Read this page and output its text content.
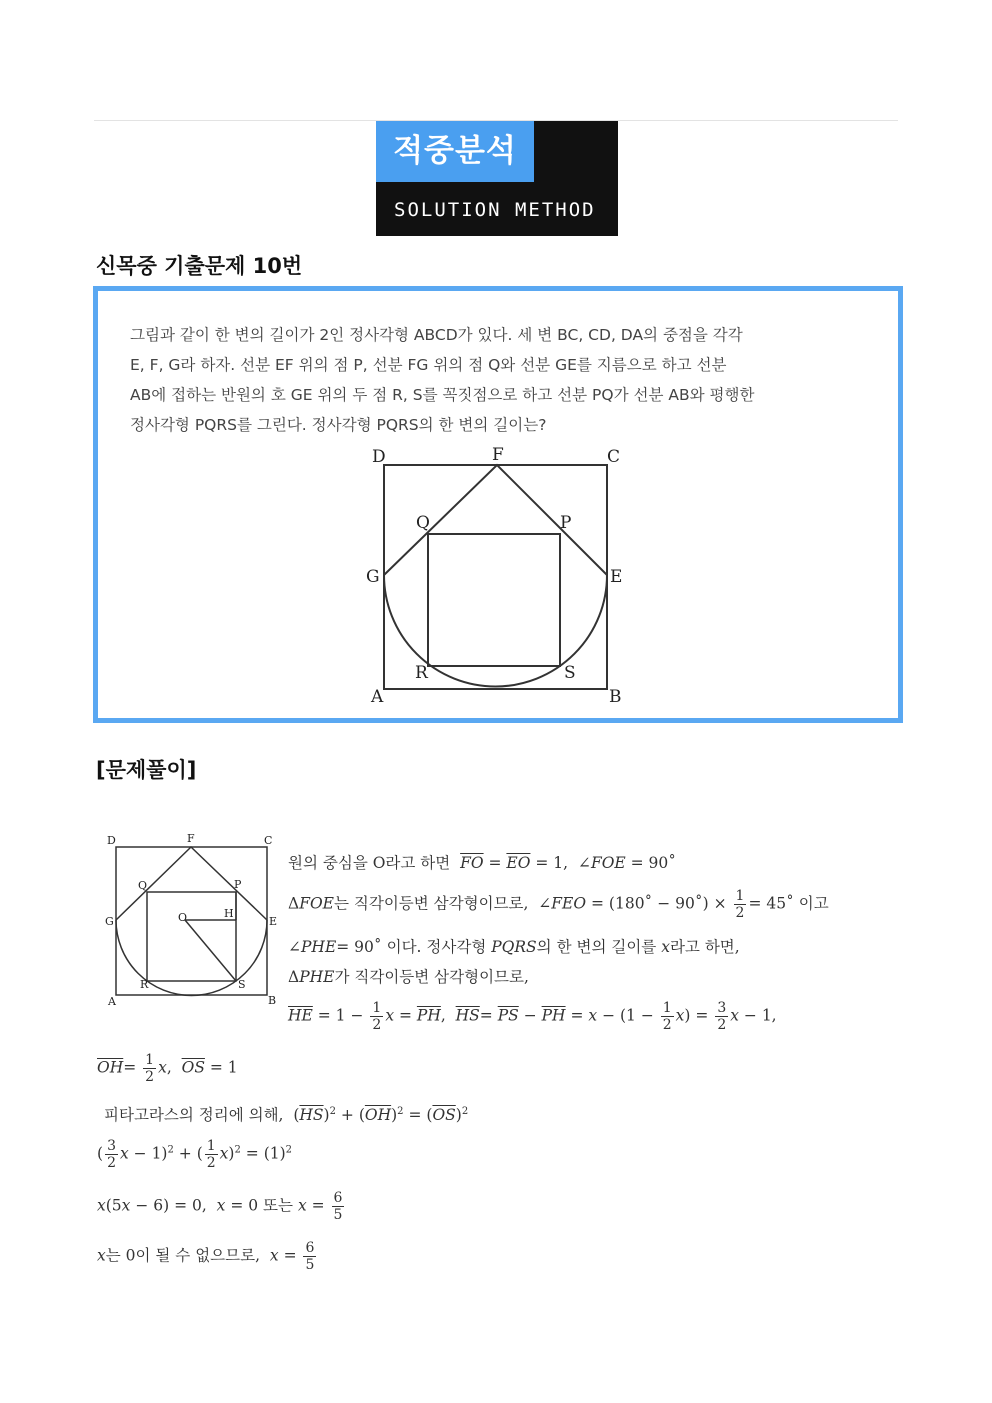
적중분석
SOLUTION METHOD
신목중 기출문제 10번

그림과 같이 한 변의 길이가 2인 정사각형 ABCD가 있다. 세 변 BC, CD, DA의 중점을 각각

E, F, G라 하자. 선분 EF 위의 점 P, 선분 FG 위의 점 Q와 선분 GE를 지름으로 하고 선분

AB에 접하는 반원의 호 GE 위의 두 점 R, S를 꼭짓점으로 하고 선분 PQ가 선분 AB와 평행한

정사각형 PQRS를 그린다. 정사각형 PQRS의 한 변의 길이는?

D	F	C
Q	P
G	E
R	S
A	B
[문제풀이]
D	F	C
Q	P
G	O	H
E
R	S
A	B
원의 중심을 O라고 하면 $\overline{FO} = \overline{EO} = 1$,  ∠FOE = 90˚
ΔFOE는 직각이등변 삼각형이므로,  ∠FEO = (180˚ − 90˚) × $\frac{1}{2}$ = 45˚ 이고
∠PHE= 90˚ 이다. 정사각형 PQRS의 한 변의 길이를 x라고 하면,
ΔPHE가 직각이등변 삼각형이므로,
$\overline{HE} = 1 - \frac{1}{2}$ $x = \overline{PH}$,  $\overline{HS}= \overline{PS} - \overline{PH} = x - (1 - \frac{1}{2} x) = \frac{3}{2}$ x − 1,
$\overline{OH}= \frac{1}{2} x$,  $\overline{OS} = 1$
피타고라스의 정리에 의해,  $(\overline{HS})^2 + (\overline{OH})^2 = (\overline{OS})^2$
( $\frac{3}{2}$ x − 1)$^2$ + ( $\frac{1}{2} x)^2 = (1)^2$
x(5x − 6) = 0,  x = 0 또는 $x = \frac{6}{5}$
x는 0이 될 수 없으므로, $x = \frac{6}{5}$
